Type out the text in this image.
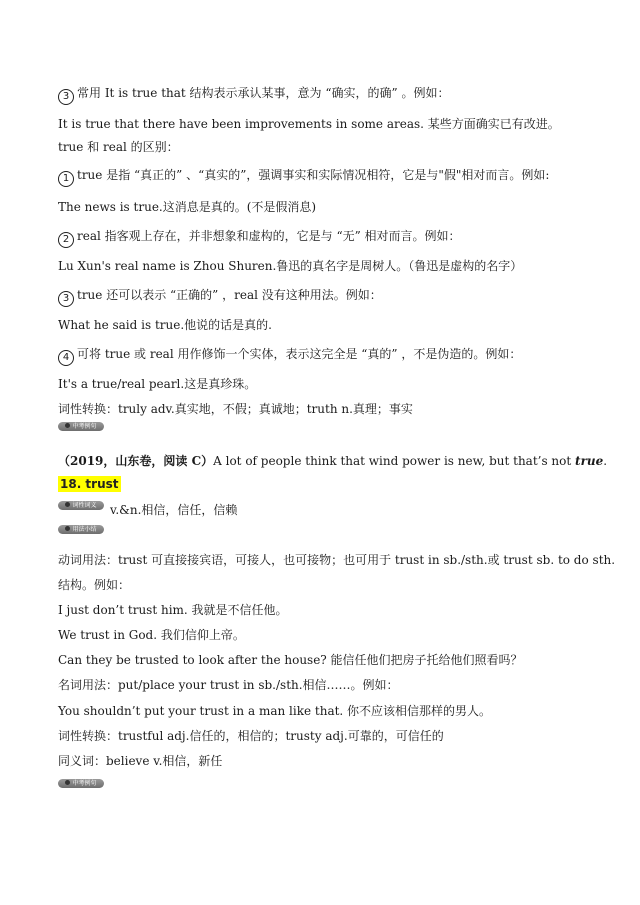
3 常用 It is true that 结构表示承认某事，意为 “确实，的确” 。例如：
It is true that there have been improvements in some areas. 某些方面确实已有改进。
true 和 real 的区别：
1 true 是指 “真正的” 、“真实的”，强调事实和实际情况相符，它是与"假"相对而言。例如:
The news is true.这消息是真的。(不是假消息)
2 real 指客观上存在，并非想象和虚构的，它是与 “无” 相对而言。例如：
Lu Xun's real name is Zhou Shuren.鲁迅的真名字是周树人。（鲁迅是虚构的名字）
3 true 还可以表示 “正确的” ，real 没有这种用法。例如：
What he said is true.他说的话是真的.
4 可将 true 或 real 用作修饰一个实体，表示这完全是 “真的” ，不是伪造的。例如：
It's a true/real pearl.这是真珍珠。
词性转换：truly adv.真实地，不假；真诚地；truth n.真理；事实
中考例句
（2019，山东卷，阅读 C）A lot of people think that wind power is new, but that’s not true.
18. trust
词性词义	v.&n.相信，信任，信赖
用法小结
动词用法：trust 可直接接宾语，可接人，也可接物；也可用于 trust in sb./sth.或 trust sb. to do sth.
结构。例如：
I just don’t trust him. 我就是不信任他。
We trust in God. 我们信仰上帝。
Can they be trusted to look after the house? 能信任他们把房子托给他们照看吗？
名词用法：put/place your trust in sb./sth.相信……。例如：
You shouldn’t put your trust in a man like that. 你不应该相信那样的男人。
词性转换：trustful adj.信任的，相信的；trusty adj.可靠的，可信任的
同义词：believe v.相信，新任
中考例句
